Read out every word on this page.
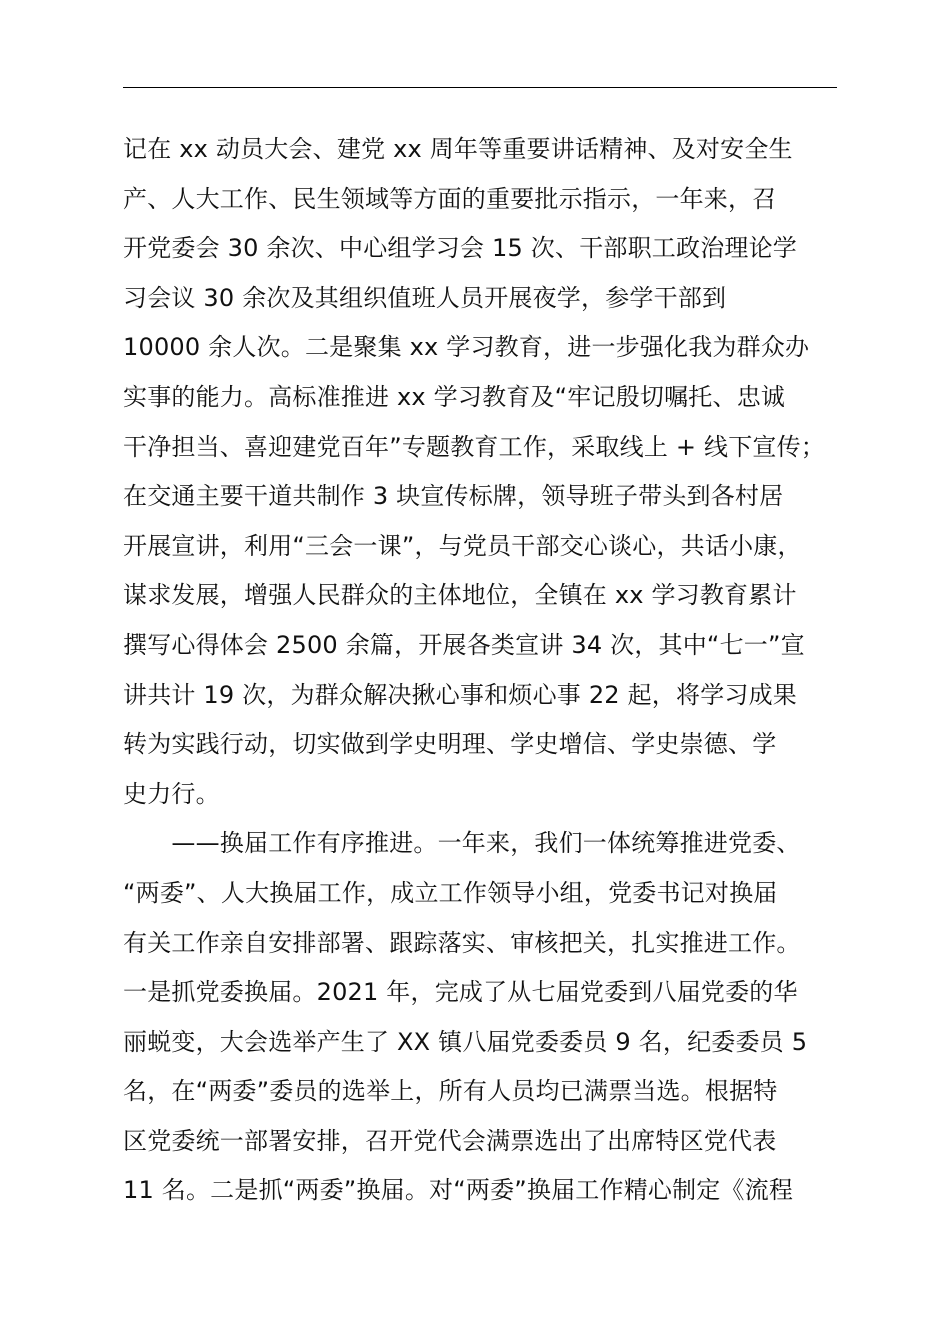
记在 xx 动员大会、建党 xx 周年等重要讲话精神、及对安全生
产、人大工作、民生领域等方面的重要批示指示，一年来，召
开党委会 30 余次、中心组学习会 15 次、干部职工政治理论学
习会议 30 余次及其组织值班人员开展夜学，参学干部到
10000 余人次。二是聚集 xx 学习教育，进一步强化我为群众办
实事的能力。高标准推进 xx 学习教育及“牢记殷切嘱托、忠诚
干净担当、喜迎建党百年”专题教育工作，采取线上 + 线下宣传；
在交通主要干道共制作 3 块宣传标牌，领导班子带头到各村居
开展宣讲，利用“三会一课”，与党员干部交心谈心，共话小康，
谋求发展，增强人民群众的主体地位，全镇在 xx 学习教育累计
撰写心得体会 2500 余篇，开展各类宣讲 34 次，其中“七一”宣
讲共计 19 次，为群众解决揪心事和烦心事 22 起，将学习成果
转为实践行动，切实做到学史明理、学史增信、学史崇德、学
史力行。
　　——换届工作有序推进。一年来，我们一体统筹推进党委、
“两委”、人大换届工作，成立工作领导小组，党委书记对换届
有关工作亲自安排部署、跟踪落实、审核把关，扎实推进工作。
一是抓党委换届。2021 年，完成了从七届党委到八届党委的华
丽蜕变，大会选举产生了 XX 镇八届党委委员 9 名，纪委委员 5
名，在“两委”委员的选举上，所有人员均已满票当选。根据特
区党委统一部署安排，召开党代会满票选出了出席特区党代表
11 名。二是抓“两委”换届。对“两委”换届工作精心制定《流程
